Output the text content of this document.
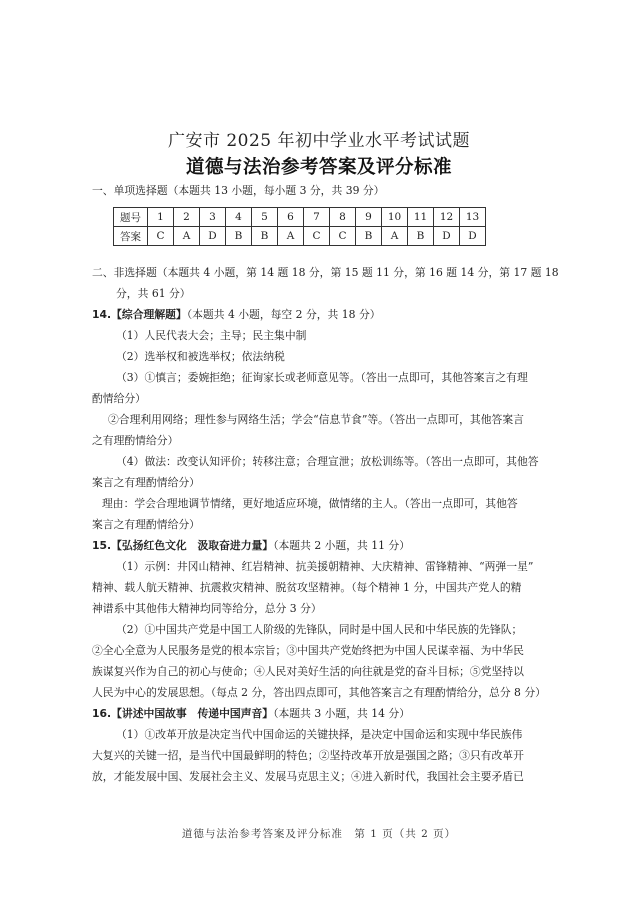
广安市 2025 年初中学业水平考试试题
道德与法治参考答案及评分标准
一、单项选择题（本题共 13 小题，每小题 3 分，共 39 分）
题号	1	2	3	4	5	6	7	8	9	10	11	12	13
答案	C	A	D	B	B	A	C	C	B	A	B	D	D
二、非选择题（本题共 4 小题，第 14 题 18 分，第 15 题 11 分，第 16 题 14 分，第 17 题 18
分，共 61 分）
14.【综合理解题】（本题共 4 小题，每空 2 分，共 18 分）
（1）人民代表大会；主导；民主集中制
（2）选举权和被选举权；依法纳税
（3）①慎言；委婉拒绝；征询家长或老师意见等。（答出一点即可，其他答案言之有理
酌情给分）
②合理利用网络；理性参与网络生活；学会“信息节食”等。（答出一点即可，其他答案言
之有理酌情给分）
（4）做法：改变认知评价；转移注意；合理宣泄；放松训练等。（答出一点即可，其他答
案言之有理酌情给分）
理由：学会合理地调节情绪，更好地适应环境，做情绪的主人。（答出一点即可，其他答
案言之有理酌情给分）
15.【弘扬红色文化　汲取奋进力量】（本题共 2 小题，共 11 分）
（1）示例：井冈山精神、红岩精神、抗美援朝精神、大庆精神、雷锋精神、“两弹一星”
精神、载人航天精神、抗震救灾精神、脱贫攻坚精神。（每个精神 1 分，中国共产党人的精
神谱系中其他伟大精神均同等给分，总分 3 分）
（2）①中国共产党是中国工人阶级的先锋队，同时是中国人民和中华民族的先锋队；
②全心全意为人民服务是党的根本宗旨；③中国共产党始终把为中国人民谋幸福、为中华民
族谋复兴作为自己的初心与使命；④人民对美好生活的向往就是党的奋斗目标；⑤党坚持以
人民为中心的发展思想。（每点 2 分，答出四点即可，其他答案言之有理酌情给分，总分 8 分）
16.【讲述中国故事　传递中国声音】（本题共 3 小题，共 14 分）
（1）①改革开放是决定当代中国命运的关键抉择，是决定中国命运和实现中华民族伟
大复兴的关键一招，是当代中国最鲜明的特色；②坚持改革开放是强国之路；③只有改革开
放，才能发展中国、发展社会主义、发展马克思主义；④进入新时代，我国社会主要矛盾已
道德与法治参考答案及评分标准　第 1 页（共 2 页）
